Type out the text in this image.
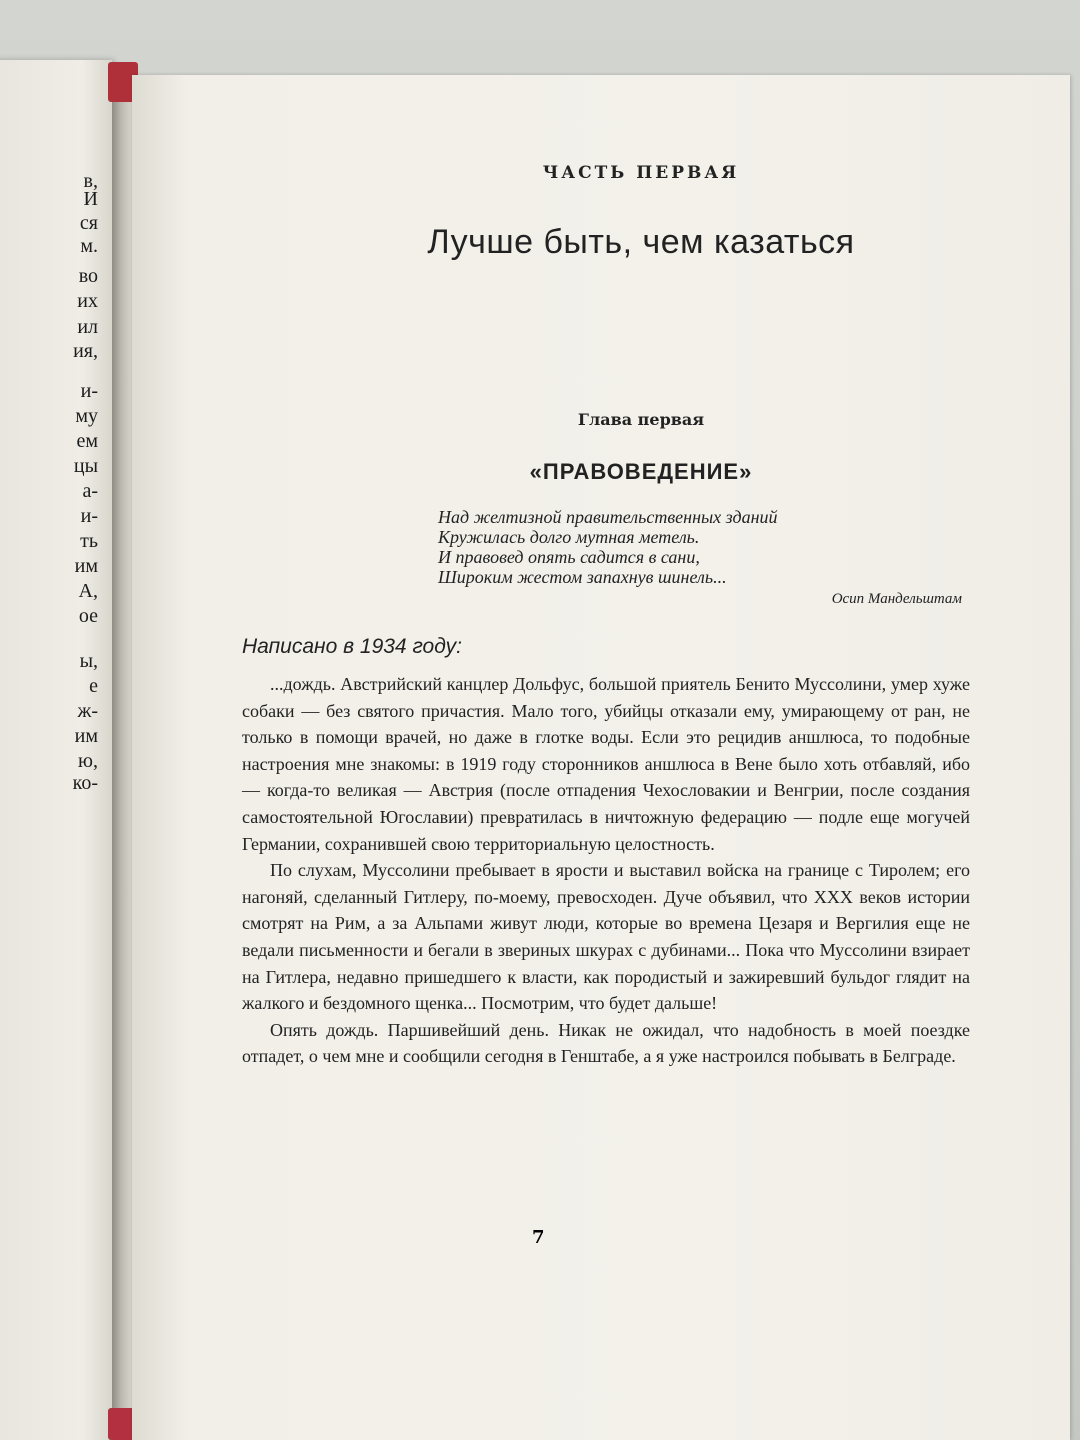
в,
И
ся
м.
во
их
ил
ия,
и-
му
ем
цы
а-
и-
ть
им
А,
ое
ы,
е
ж-
им
ю,
ко-
ЧАСТЬ ПЕРВАЯ
Лучше быть, чем казаться
Глава первая
«ПРАВОВЕДЕНИЕ»
Над желтизной правительственных зданий
Кружилась долго мутная метель.
И правовед опять садится в сани,
Широким жестом запахнув шинель...
Осип Мандельштам
Написано в 1934 году:

...дождь. Австрийский канцлер Дольфус, большой приятель Бенито Муссолини, умер хуже собаки — без святого причастия. Мало того, убийцы отказали ему, умирающему от ран, не только в помощи врачей, но даже в глотке воды. Если это рецидив аншлюса, то подобные настроения мне знакомы: в 1919 году сторонников аншлюса в Вене было хоть отбавляй, ибо — когда-то великая — Австрия (после отпадения Чехословакии и Венгрии, после создания самостоятельной Югославии) превратилась в ничтожную федерацию — подле еще могучей Германии, сохранившей свою территориальную целостность.

По слухам, Муссолини пребывает в ярости и выставил войска на границе с Тиролем; его нагоняй, сделанный Гитлеру, по-моему, превосходен. Дуче объявил, что XXX веков истории смотрят на Рим, а за Альпами живут люди, которые во времена Цезаря и Вергилия еще не ведали письменности и бегали в звериных шкурах с дубинами... Пока что Муссолини взирает на Гитлера, недавно пришедшего к власти, как породистый и зажиревший бульдог глядит на жалкого и бездомного щенка... Посмотрим, что будет дальше!

Опять дождь. Паршивейший день. Никак не ожидал, что надобность в моей поездке отпадет, о чем мне и сообщили сегодня в Генштабе, а я уже настроился побывать в Белграде.

7
